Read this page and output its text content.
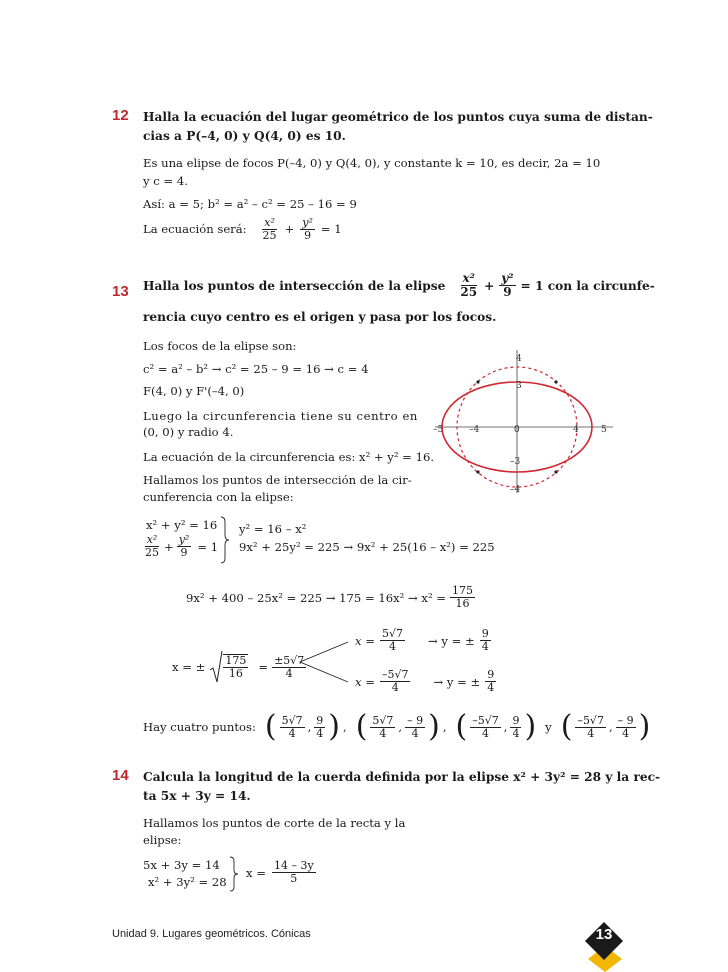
12 Halla la ecuación del lugar geométrico de los puntos cuya suma de distan-
cias a P(–4, 0) y Q(4, 0) es 10.
Es una elipse de focos P(–4, 0) y Q(4, 0), y constante k = 10, es decir, 2a = 10
y c = 4.
Así: a = 5; b² = a² – c² = 25 – 16 = 9
La ecuación será: $\frac{\text{x²}}{25} + \frac{\text{y²}}{9} = 1$
13 Halla los puntos de intersección de la elipse $\frac{\text{x²}}{25} + \frac{\text{y²}}{9} = 1$ con la circunfe-
rencia cuyo centro es el origen y pasa por los focos.
Los focos de la elipse son:
c² = a² – b² → c² = 25 – 9 = 16 → c = 4
F(4, 0) y F'(–4, 0)
Luego la circunferencia tiene su centro en
(0, 0) y radio 4.
La ecuación de la circunferencia es: x² + y² = 16.
Hallamos los puntos de intersección de la cir-
cunferencia con la elipse:
–5	–4	0	4 5
4
3
–3
–4
x² + y² = 16
$\frac{\text{x²}}{25} + \frac{\text{y²}}{9} = 1$
y² = 16 – x²
9x² + 25y² = 225 → 9x² + 25(16 – x²) = 225
$9x^2 + 400 - 25x^2 = 225 \to 175 = 16x^2 \to x^2 = \frac{175}{16}$
x = ± $\frac{175}{16} = \frac{\pm 5√7}{4}$
$x = \frac{5√7}{4} \to y$ = ± $\frac{9}{4}$
$x = \frac{-5√7}{4} \to y$ = ± $\frac{9}{4}$
Hay cuatro puntos: ( $\frac{5√7}{4}$ , $\frac{9}{4}$ ) , ( $\frac{5√7}{4}$ , $\frac{- 9}{4}$ ) , ( $\frac{-5√7}{4}$ , $\frac{9}{4}$ ) y ( $\frac{-5√7}{4}$ , $\frac{- 9}{4}$ )
14 Calcula la longitud de la cuerda definida por la elipse x² + 3y² = 28 y la rec-
ta 5x + 3y = 14.
Hallamos los puntos de corte de la recta y la
elipse:
5x + 3y = 14
x² + 3y² = 28
$x = \frac{14 - 3y}{5}$
Unidad 9. Lugares geométricos. Cónicas	13
